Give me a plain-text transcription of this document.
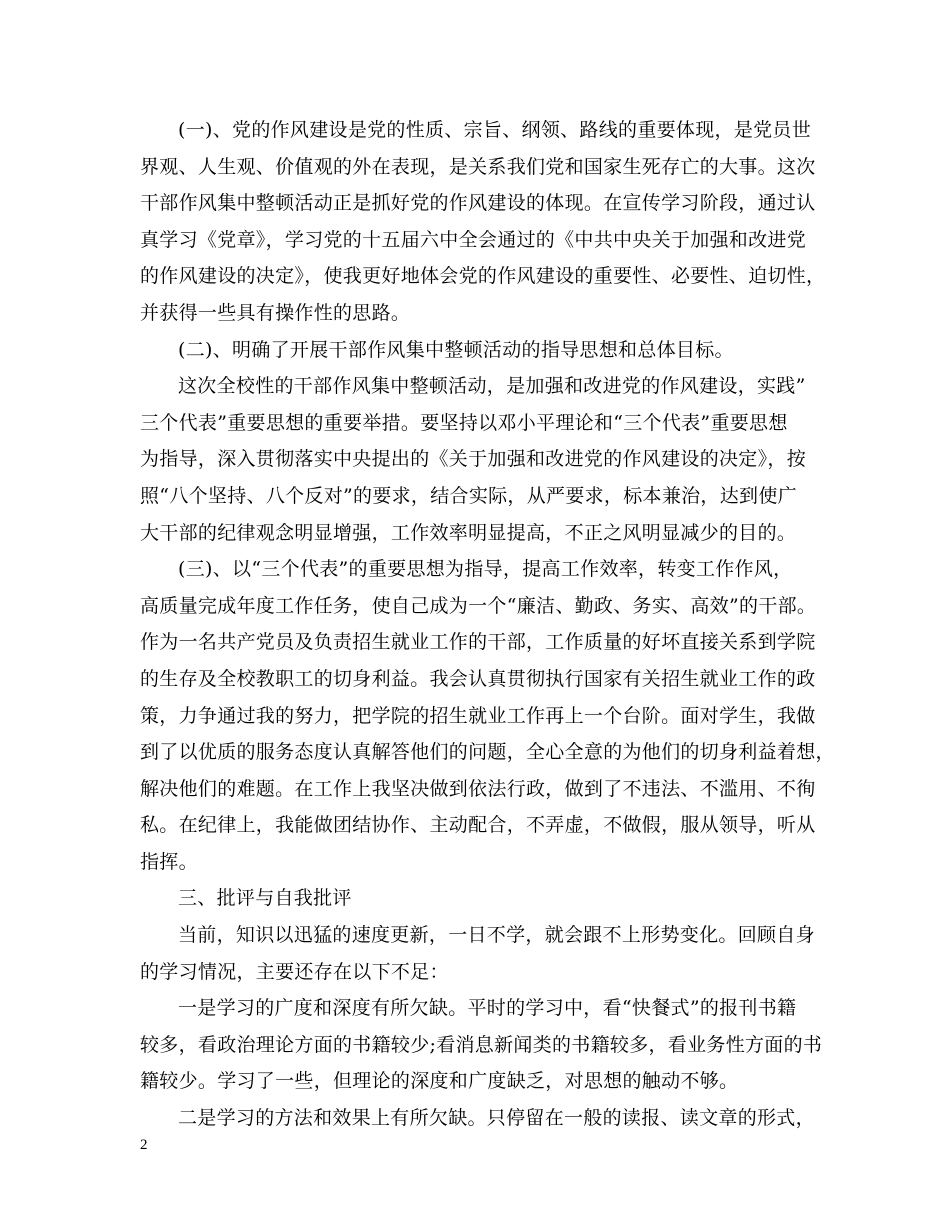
(一)、党的作风建设是党的性质、宗旨、纲领、路线的重要体现，是党员世
界观、人生观、价值观的外在表现，是关系我们党和国家生死存亡的大事。这次
干部作风集中整顿活动正是抓好党的作风建设的体现。在宣传学习阶段，通过认
真学习《党章》，学习党的十五届六中全会通过的《中共中央关于加强和改进党
的作风建设的决定》，使我更好地体会党的作风建设的重要性、必要性、迫切性，
并获得一些具有操作性的思路。

(二)、明确了开展干部作风集中整顿活动的指导思想和总体目标。

这次全校性的干部作风集中整顿活动，是加强和改进党的作风建设，实践”
三个代表”重要思想的重要举措。要坚持以邓小平理论和“三个代表”重要思想
为指导，深入贯彻落实中央提出的《关于加强和改进党的作风建设的决定》，按
照“八个坚持、八个反对”的要求，结合实际，从严要求，标本兼治，达到使广
大干部的纪律观念明显增强，工作效率明显提高，不正之风明显减少的目的。

(三)、以“三个代表”的重要思想为指导，提高工作效率，转变工作作风，
高质量完成年度工作任务，使自己成为一个“廉洁、勤政、务实、高效”的干部。
作为一名共产党员及负责招生就业工作的干部，工作质量的好坏直接关系到学院
的生存及全校教职工的切身利益。我会认真贯彻执行国家有关招生就业工作的政
策，力争通过我的努力，把学院的招生就业工作再上一个台阶。面对学生，我做
到了以优质的服务态度认真解答他们的问题，全心全意的为他们的切身利益着想，
解决他们的难题。在工作上我坚决做到依法行政，做到了不违法、不滥用、不徇
私。在纪律上，我能做团结协作、主动配合，不弄虚，不做假，服从领导，听从
指挥。

三、批评与自我批评

当前，知识以迅猛的速度更新，一日不学，就会跟不上形势变化。回顾自身
的学习情况，主要还存在以下不足：

一是学习的广度和深度有所欠缺。平时的学习中，看“快餐式”的报刊书籍
较多，看政治理论方面的书籍较少;看消息新闻类的书籍较多，看业务性方面的书
籍较少。学习了一些，但理论的深度和广度缺乏，对思想的触动不够。

二是学习的方法和效果上有所欠缺。只停留在一般的读报、读文章的形式，

2
